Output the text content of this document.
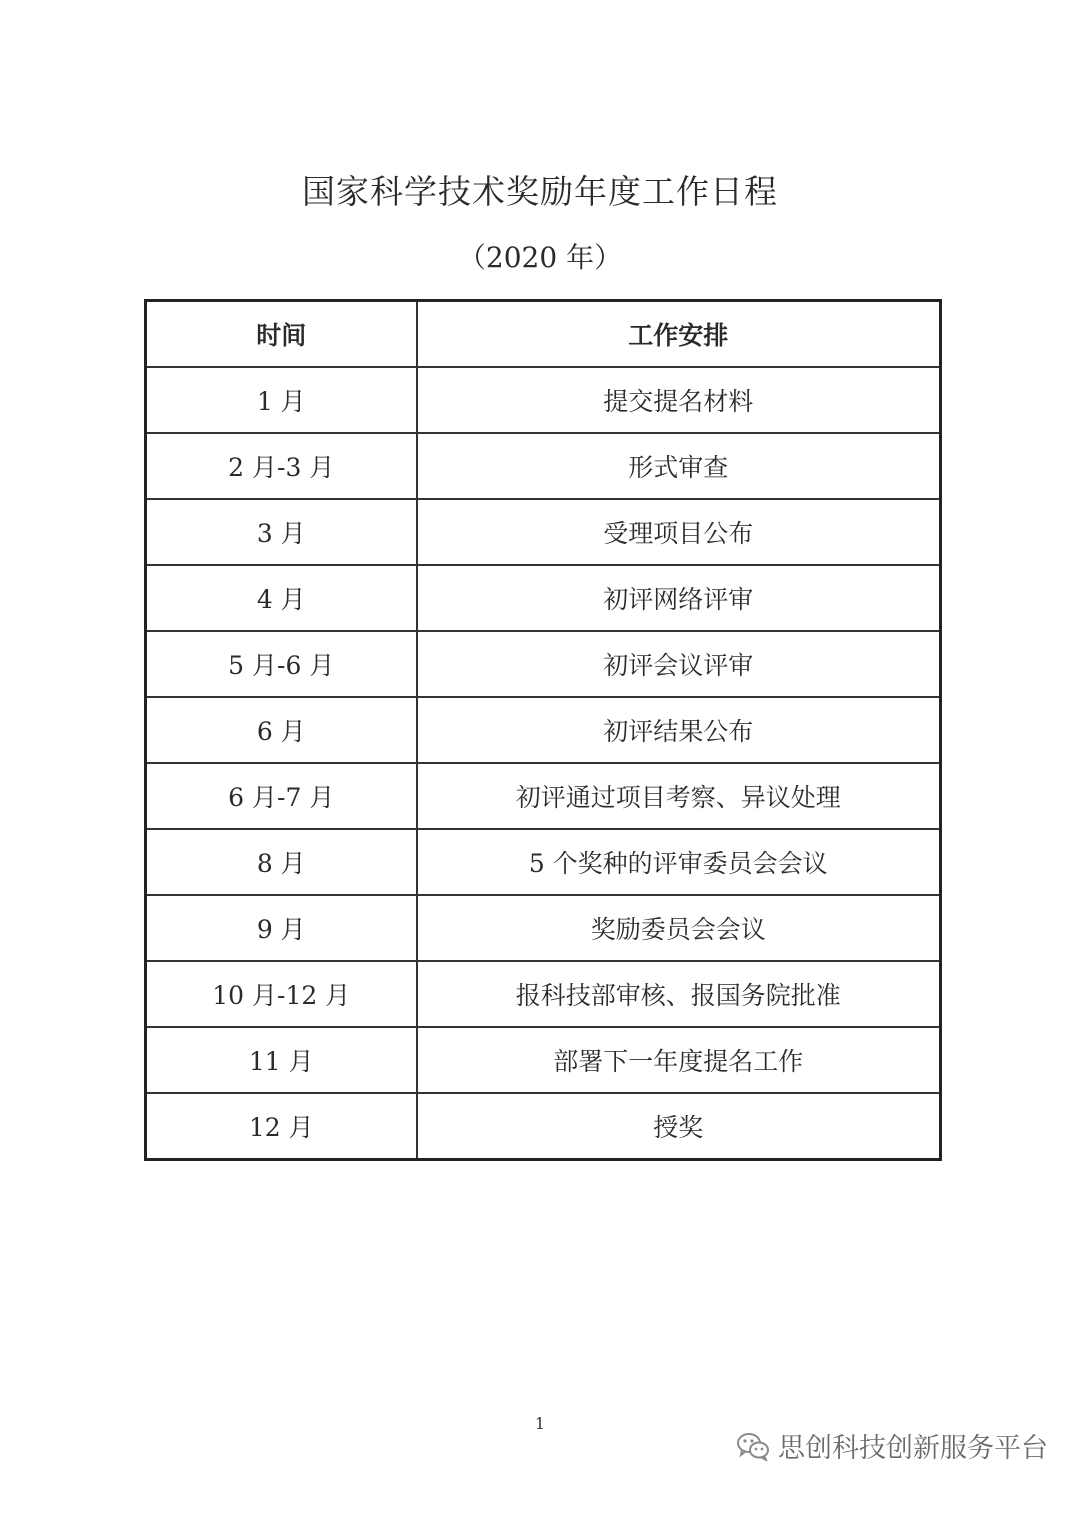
国家科学技术奖励年度工作日程
（2020 年）
时间	工作安排
1 月	提交提名材料
2 月-3 月	形式审查
3 月	受理项目公布
4 月	初评网络评审
5 月-6 月	初评会议评审
6 月	初评结果公布
6 月-7 月	初评通过项目考察、异议处理
8 月	5 个奖种的评审委员会会议
9 月	奖励委员会会议
10 月-12 月	报科技部审核、报国务院批准
11 月	部署下一年度提名工作
12 月	授奖
1
思创科技创新服务平台
